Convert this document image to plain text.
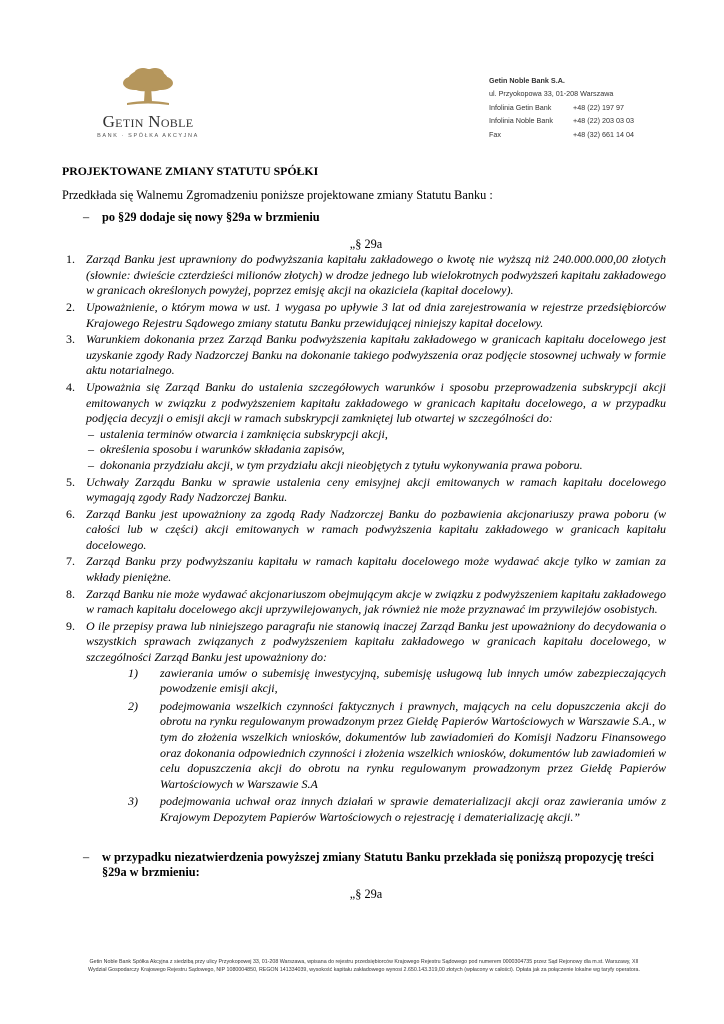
Getin Noble
BANK · SPÓŁKA AKCYJNA
Getin Noble Bank S.A.
ul. Przyokopowa 33, 01-208 Warszawa
Infolinia Getin Bank	+48 (22) 197 97
Infolinia Noble Bank	+48 (22) 203 03 03
Fax	+48 (32) 661 14 04
PROJEKTOWANE ZMIANY STATUTU SPÓŁKI
Przedkłada się Walnemu Zgromadzeniu poniższe projektowane zmiany Statutu Banku :
– po §29 dodaje się nowy §29a w brzmieniu
„§ 29a
1. Zarząd Banku jest uprawniony do podwyższania kapitału zakładowego o kwotę nie wyższą niż 240.000.000,00 złotych (słownie: dwieście czterdzieści milionów złotych) w drodze jednego lub wielokrotnych podwyższeń kapitału zakładowego w granicach określonych powyżej, poprzez emisję akcji na okaziciela (kapitał docelowy).
2. Upoważnienie, o którym mowa w ust. 1 wygasa po upływie 3 lat od dnia zarejestrowania w rejestrze przedsiębiorców Krajowego Rejestru Sądowego zmiany statutu Banku przewidującej niniejszy kapitał docelowy.
3. Warunkiem dokonania przez Zarząd Banku podwyższenia kapitału zakładowego w granicach kapitału docelowego jest uzyskanie zgody Rady Nadzorczej Banku na dokonanie takiego podwyższenia oraz podjęcie stosownej uchwały w formie aktu notarialnego.
4. Upoważnia się Zarząd Banku do ustalenia szczegółowych warunków i sposobu przeprowadzenia subskrypcji akcji emitowanych w związku z podwyższeniem kapitału zakładowego w granicach kapitału docelowego, a w przypadku podjęcia decyzji o emisji akcji w ramach subskrypcji zamkniętej lub otwartej w szczególności do:
– ustalenia terminów otwarcia i zamknięcia subskrypcji akcji,
– określenia sposobu i warunków składania zapisów,
– dokonania przydziału akcji, w tym przydziału akcji nieobjętych z tytułu wykonywania prawa poboru.
5. Uchwały Zarządu Banku w sprawie ustalenia ceny emisyjnej akcji emitowanych w ramach kapitału docelowego wymagają zgody Rady Nadzorczej Banku.
6. Zarząd Banku jest upoważniony za zgodą Rady Nadzorczej Banku do pozbawienia akcjonariuszy prawa poboru (w całości lub w części) akcji emitowanych w ramach podwyższenia kapitału zakładowego w granicach kapitału docelowego.
7. Zarząd Banku przy podwyższaniu kapitału w ramach kapitału docelowego może wydawać akcje tylko w zamian za wkłady pieniężne.
8. Zarząd Banku nie może wydawać akcjonariuszom obejmującym akcje w związku z podwyższeniem kapitału zakładowego w ramach kapitału docelowego akcji uprzywilejowanych, jak również nie może przyznawać im przywilejów osobistych.
9. O ile przepisy prawa lub niniejszego paragrafu nie stanowią inaczej Zarząd Banku jest upoważniony do decydowania o wszystkich sprawach związanych z podwyższeniem kapitału zakładowego w granicach kapitału docelowego, w szczególności Zarząd Banku jest upoważniony do:
1) zawierania umów o subemisję inwestycyjną, subemisję usługową lub innych umów zabezpieczających powodzenie emisji akcji,
2) podejmowania wszelkich czynności faktycznych i prawnych, mających na celu dopuszczenia akcji do obrotu na rynku regulowanym prowadzonym przez Giełdę Papierów Wartościowych w Warszawie S.A., w tym do złożenia wszelkich wniosków, dokumentów lub zawiadomień do Komisji Nadzoru Finansowego oraz dokonania odpowiednich czynności i złożenia wszelkich wniosków, dokumentów lub zawiadomień w celu dopuszczenia akcji do obrotu na rynku regulowanym prowadzonym przez Giełdę Papierów Wartościowych w Warszawie S.A
3) podejmowania uchwał oraz innych działań w sprawie dematerializacji akcji oraz zawierania umów z Krajowym Depozytem Papierów Wartościowych o rejestrację i dematerializację akcji.”
– w przypadku niezatwierdzenia powyższej zmiany Statutu Banku przekłada się poniższą propozycję treści §29a w brzmieniu:
„§ 29a
Getin Noble Bank Spółka Akcyjna z siedzibą przy ulicy Przyokopowej 33, 01-208 Warszawa, wpisana do rejestru przedsiębiorców Krajowego Rejestru Sądowego pod numerem 0000304735 przez Sąd Rejonowy dla m.st. Warszawy, XII
Wydział Gospodarczy Krajowego Rejestru Sądowego, NIP 1080004850, REGON 141334039, wysokość kapitału zakładowego wynosi 2.650.143.319,00 złotych (wpłacony w całości). Opłata jak za połączenie lokalne wg taryfy operatora.
